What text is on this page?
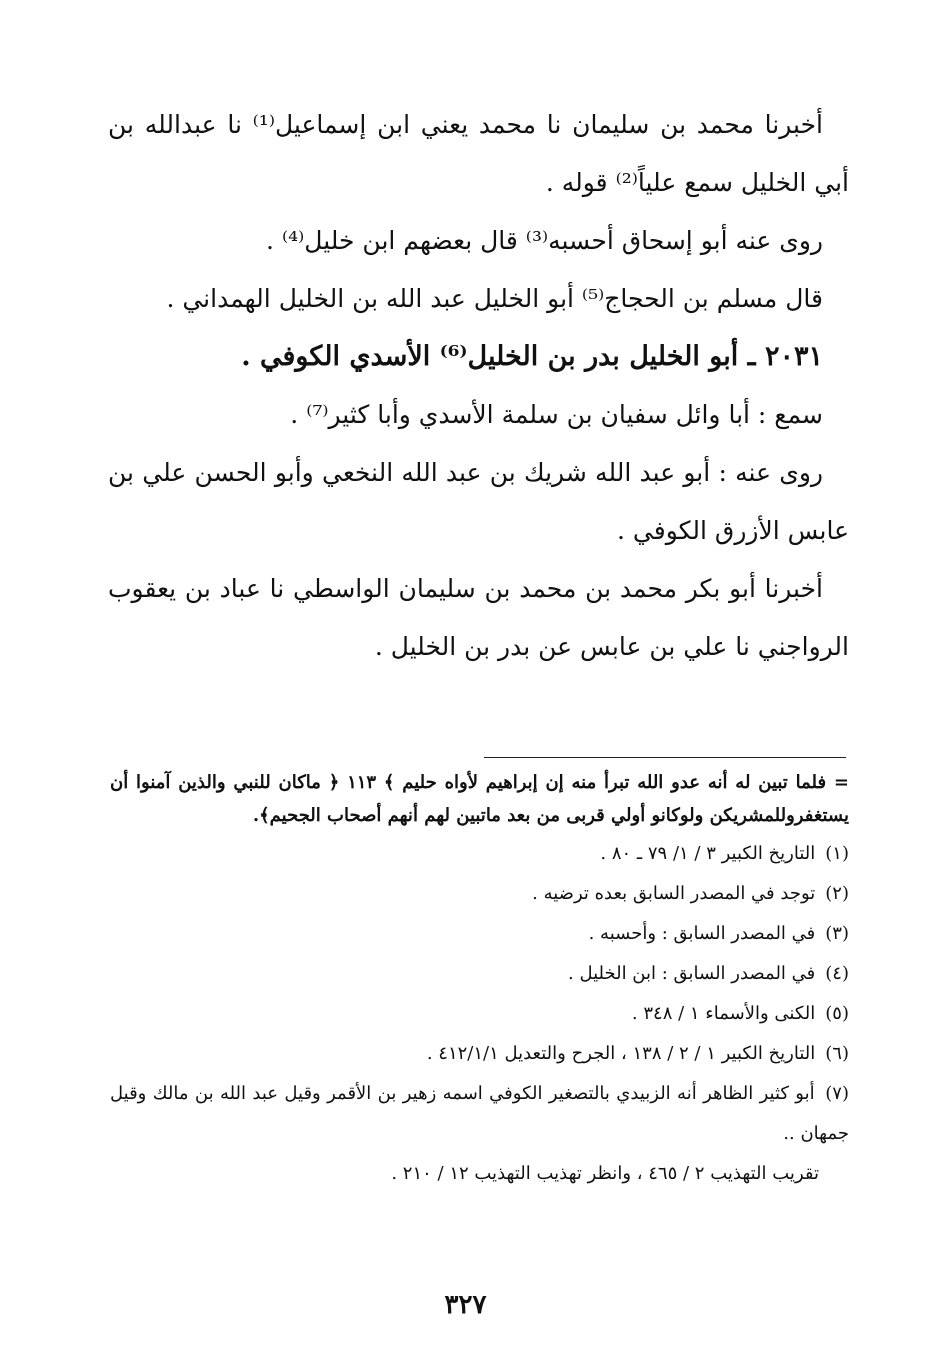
أخبرنا محمد بن سليمان نا محمد يعني ابن إسماعيل⁽¹⁾ نا عبدالله بن أبي الخليل سمع علياً⁽²⁾ قوله .

روى عنه أبو إسحاق أحسبه⁽³⁾ قال بعضهم ابن خليل⁽⁴⁾ .

قال مسلم بن الحجاج⁽⁵⁾ أبو الخليل عبد الله بن الخليل الهمداني .

٢٠٣١ ـ أبو الخليل بدر بن الخليل⁽⁶⁾ الأسدي الكوفي .

سمع : أبا وائل سفيان بن سلمة الأسدي وأبا كثير⁽⁷⁾ .

روى عنه : أبو عبد الله شريك بن عبد الله النخعي وأبو الحسن علي بن عابس الأزرق الكوفي .

أخبرنا أبو بكر محمد بن محمد بن سليمان الواسطي نا عباد بن يعقوب الرواجني نا علي بن عابس عن بدر بن الخليل .

= فلما تبين له أنه عدو الله تبرأ منه إن إبراهيم لأواه حليم ﴾ ١١٣ ﴿ ماكان للنبي والذين آمنوا أن يستغفروللمشريكن ولوكانو أولي قربى من بعد ماتبين لهم أنهم أصحاب الجحيم﴾.

(١) التاريخ الكبير ٣ / ١/ ٧٩ ـ ٨٠ .

(٢) توجد في المصدر السابق بعده ترضيه .

(٣) في المصدر السابق : وأحسبه .

(٤) في المصدر السابق : ابن الخليل .

(٥) الكنى والأسماء ١ / ٣٤٨ .

(٦) التاريخ الكبير ١ / ٢ / ١٣٨ ، الجرح والتعديل ٤١٢/١/١ .

(٧) أبو كثير الظاهر أنه الزبيدي بالتصغير الكوفي اسمه زهير بن الأقمر وقيل عبد الله بن مالك وقيل جمهان ..

تقريب التهذيب ٢ / ٤٦٥ ، وانظر تهذيب التهذيب ١٢ / ٢١٠ .

٣٢٧
